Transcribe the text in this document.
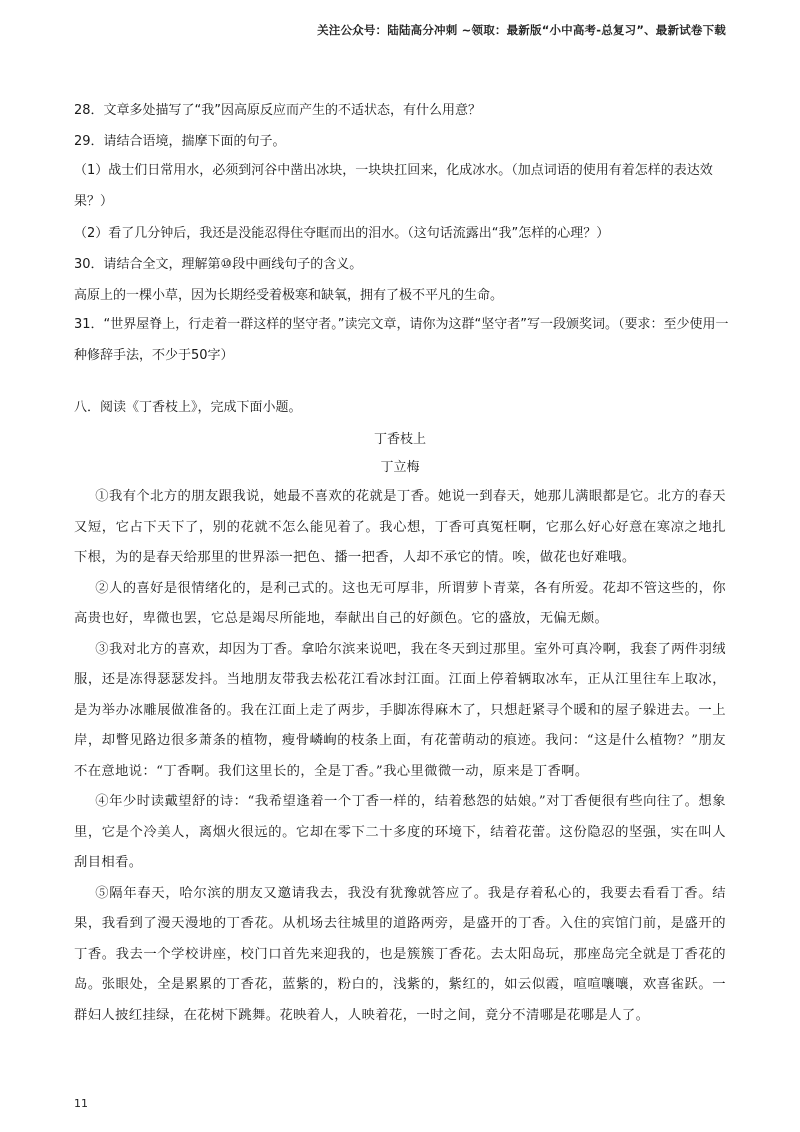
关注公众号：陆陆高分冲刺 ~领取：最新版“小中高考-总复习”、最新试卷下载
28．文章多处描写了“我”因高原反应而产生的不适状态，有什么用意？
29．请结合语境，揣摩下面的句子。
（1）战士们日常用水，必须到河谷中凿出冰块，一块块扛回来，化成冰水。（加点词语的使用有着怎样的表达效果？）
（2）看了几分钟后，我还是没能忍得住夺眶而出的泪水。（这句话流露出“我”怎样的心理？）
30．请结合全文，理解第⑩段中画线句子的含义。
高原上的一棵小草，因为长期经受着极寒和缺氧，拥有了极不平凡的生命。
31．“世界屋脊上，行走着一群这样的坚守者。”读完文章，请你为这群“坚守者”写一段颁奖词。（要求：至少使用一种修辞手法，不少于50字）
八．阅读《丁香枝上》，完成下面小题。
丁香枝上
丁立梅

①我有个北方的朋友跟我说，她最不喜欢的花就是丁香。她说一到春天，她那儿满眼都是它。北方的春天又短，它占下天下了，别的花就不怎么能见着了。我心想，丁香可真冤枉啊，它那么好心好意在寒凉之地扎下根，为的是春天给那里的世界添一把色、播一把香，人却不承它的情。唉，做花也好难哦。

②人的喜好是很情绪化的，是利己式的。这也无可厚非，所谓萝卜青菜，各有所爱。花却不管这些的，你高贵也好，卑微也罢，它总是竭尽所能地，奉献出自己的好颜色。它的盛放，无偏无颇。

③我对北方的喜欢，却因为丁香。拿哈尔滨来说吧，我在冬天到过那里。室外可真冷啊，我套了两件羽绒服，还是冻得瑟瑟发抖。当地朋友带我去松花江看冰封江面。江面上停着辆取冰车，正从江里往车上取冰，是为举办冰雕展做准备的。我在江面上走了两步，手脚冻得麻木了，只想赶紧寻个暖和的屋子躲进去。一上岸，却瞥见路边很多萧条的植物，瘦骨嶙峋的枝条上面，有花蕾萌动的痕迹。我问：“这是什么植物？”朋友不在意地说：“丁香啊。我们这里长的，全是丁香。”我心里微微一动，原来是丁香啊。

④年少时读戴望舒的诗：“我希望逢着一个丁香一样的，结着愁怨的姑娘。”对丁香便很有些向往了。想象里，它是个冷美人，离烟火很远的。它却在零下二十多度的环境下，结着花蕾。这份隐忍的坚强，实在叫人刮目相看。

⑤隔年春天，哈尔滨的朋友又邀请我去，我没有犹豫就答应了。我是存着私心的，我要去看看丁香。结果，我看到了漫天漫地的丁香花。从机场去往城里的道路两旁，是盛开的丁香。入住的宾馆门前，是盛开的丁香。我去一个学校讲座，校门口首先来迎我的，也是簇簇丁香花。去太阳岛玩，那座岛完全就是丁香花的岛。张眼处，全是累累的丁香花，蓝紫的，粉白的，浅紫的，紫红的，如云似霞，喧喧嚷嚷，欢喜雀跃。一群妇人披红挂绿，在花树下跳舞。花映着人，人映着花，一时之间，竟分不清哪是花哪是人了。

11
